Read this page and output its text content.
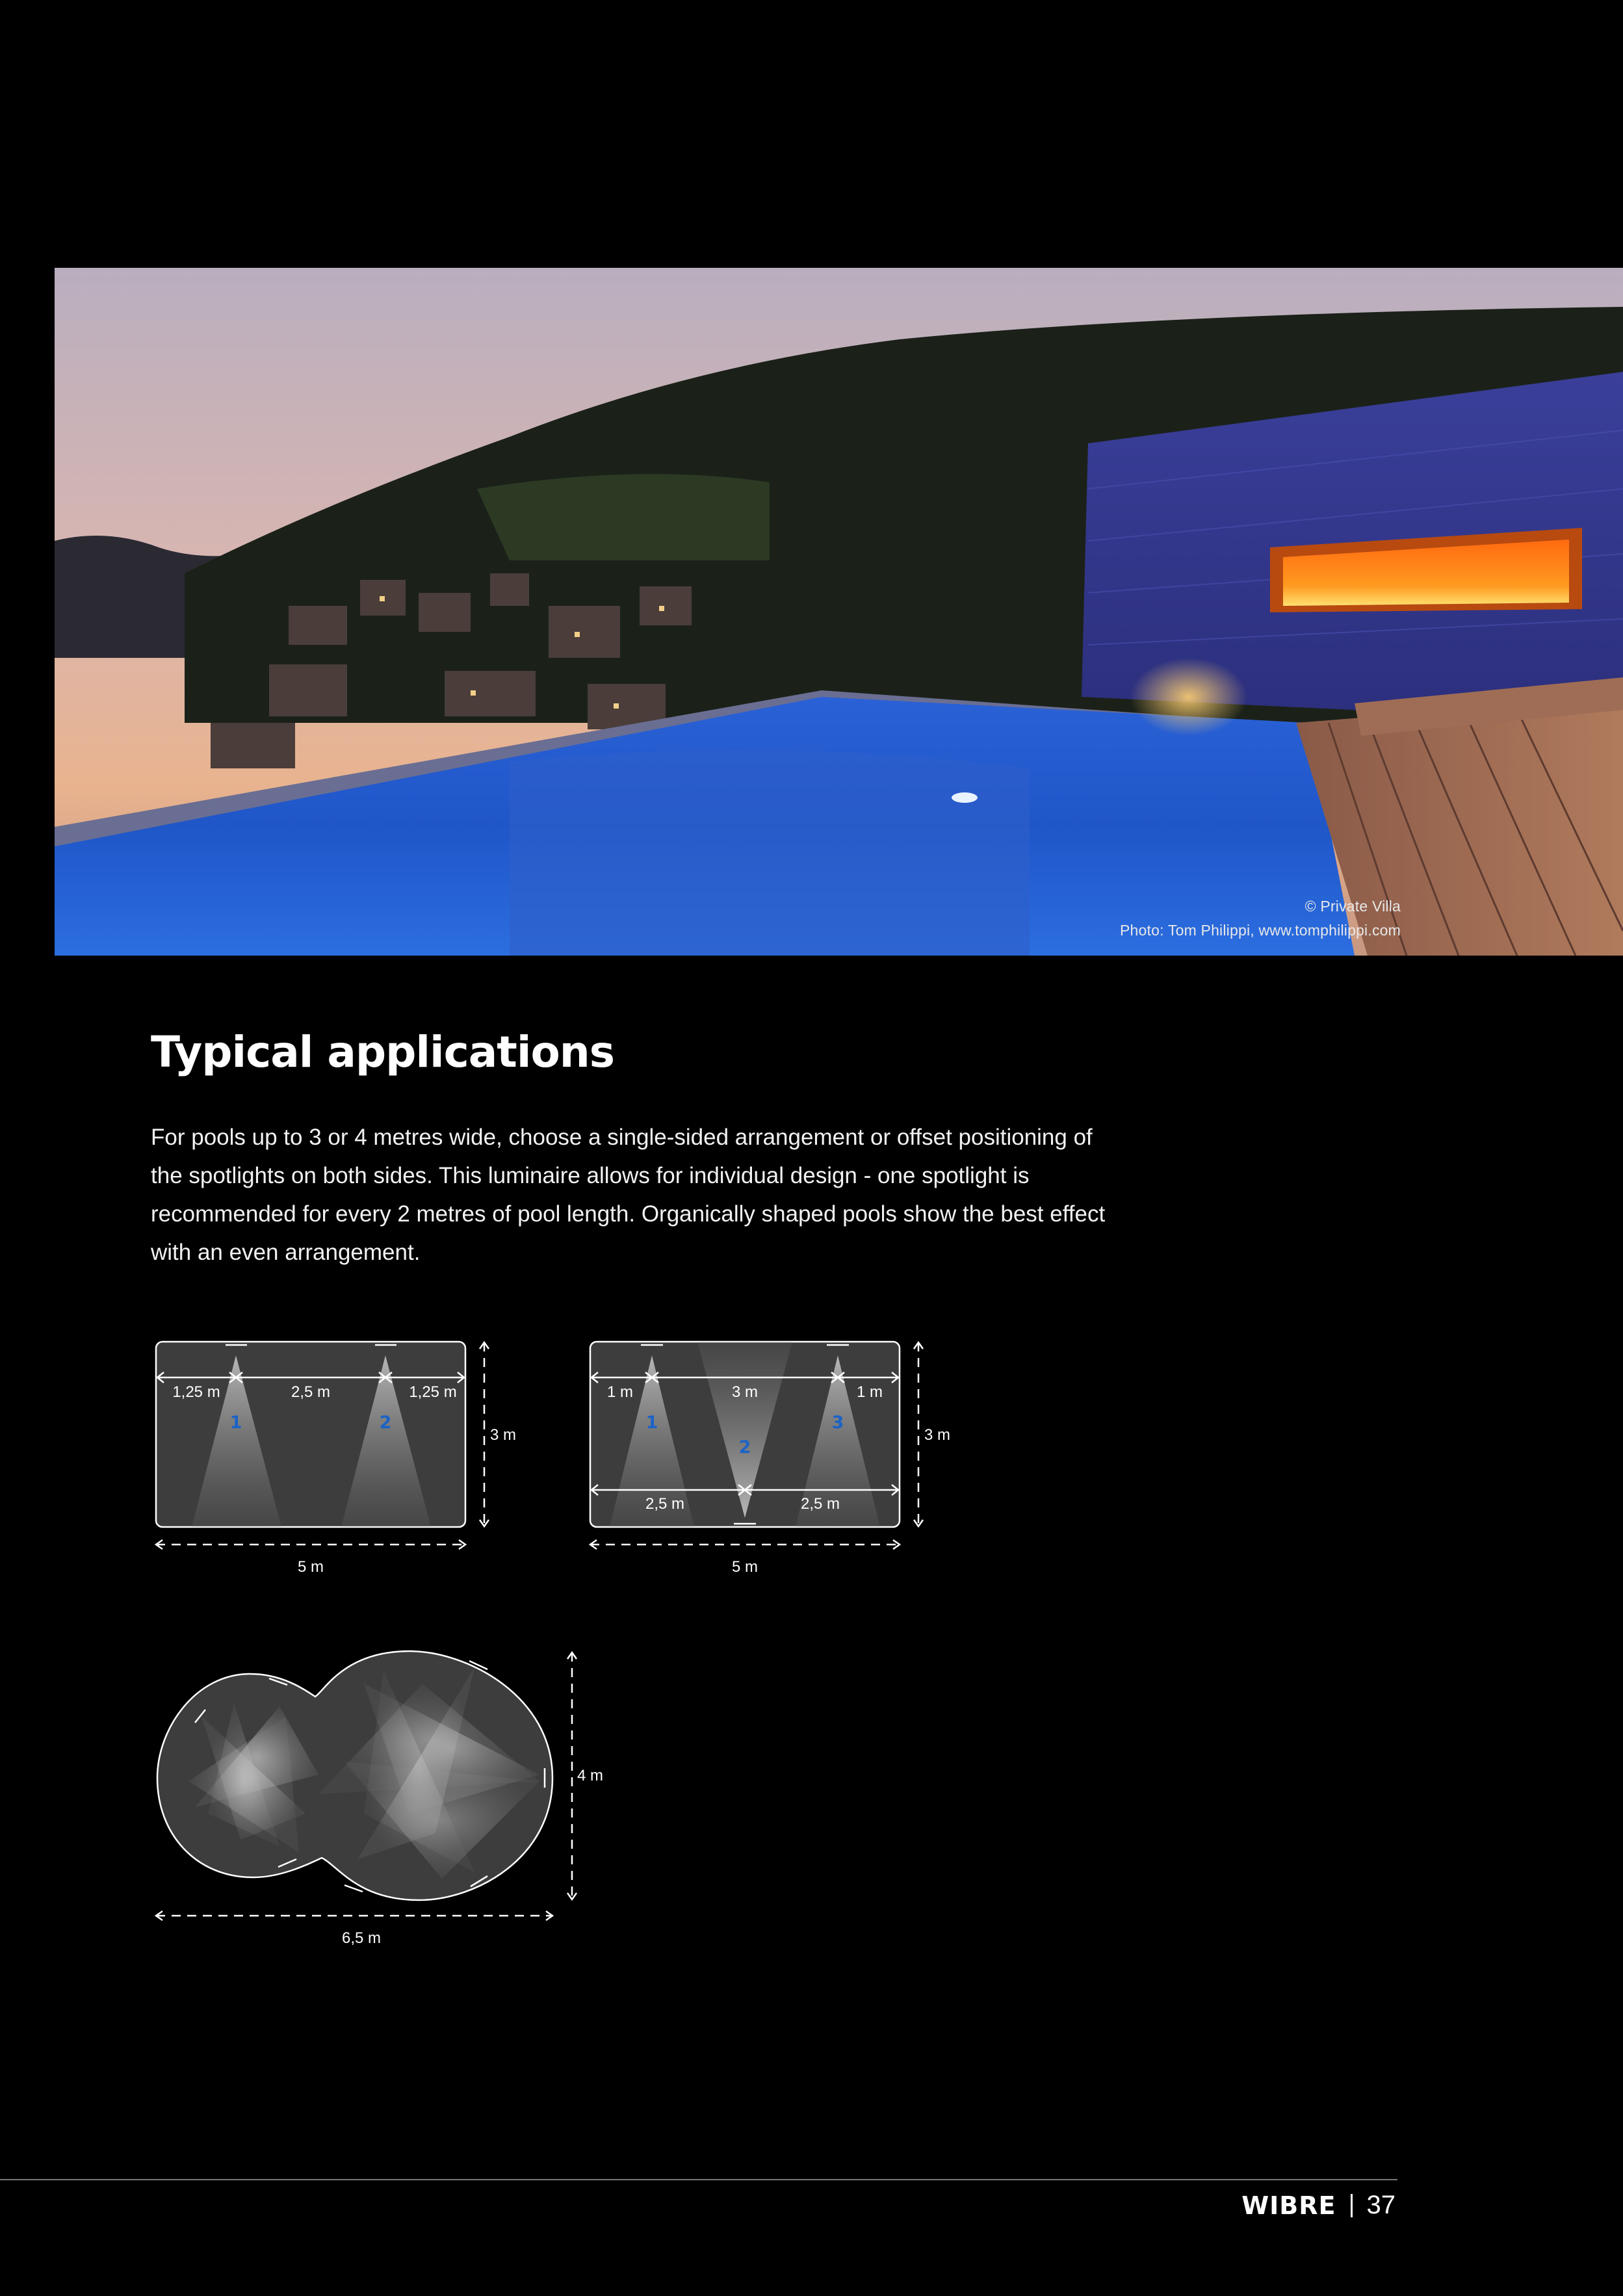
© Private Villa
Photo: Tom Philippi, www.tomphilippi.com
Typical applications

For pools up to 3 or 4 metres wide, choose a single-sided arrangement or offset positioning of the spotlights on both sides. This luminaire allows for individual design - one spotlight is recommended for every 2 metres of pool length. Organically shaped pools show the best effect with an even arrangement.

1,25 m	2,5 m	1,25 m
1	2
3 m
5 m
1 m	3 m	1 m
1
2
3
2,5 m	2,5 m
3 m
5 m
4 m
6,5 m
WIBRE 37
